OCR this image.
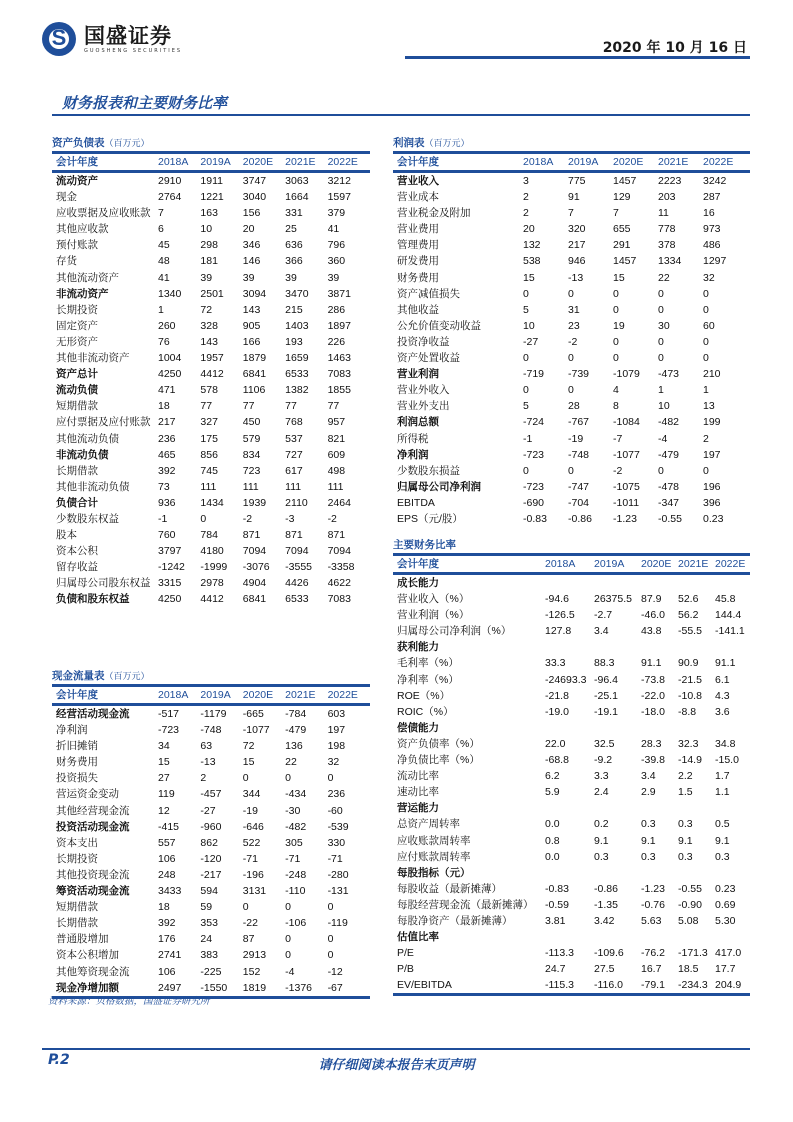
S
国盛证券
GUOSHENG SECURITIES	2020 年 10 月 16 日
财务报表和主要财务比率
资产负债表（百万元）
会计年度	2018A	2019A	2020E	2021E	2022E
流动资产	2910	1911	3747	3063	3212
现金	2764	1221	3040	1664	1597
应收票据及应收账款 7	163	156	331	379
其他应收款	6	10	20	25	41
预付账款	45	298	346	636	796
存货	48	181	146	366	360
其他流动资产	41	39	39	39	39
非流动资产	1340	2501	3094	3470	3871
长期投资	1	72	143	215	286
固定资产	260	328	905	1403	1897
无形资产	76	143	166	193	226
其他非流动资产	1004	1957	1879	1659	1463
资产总计	4250	4412	6841	6533	7083
流动负债	471	578	1106	1382	1855
短期借款	18	77	77	77	77
应付票据及应付账款 217	327	450	768	957
其他流动负债	236	175	579	537	821
非流动负债	465	856	834	727	609
长期借款	392	745	723	617	498
其他非流动负债	73	111	111	111	111
负债合计	936	1434	1939	2110	2464
少数股东权益	-1	0	-2	-3	-2
股本	760	784	871	871	871
资本公积	3797	4180	7094	7094	7094
留存收益	-1242	-1999	-3076	-3555	-3358
归属母公司股东权益 3315	2978	4904	4426	4622
负债和股东权益	4250	4412	6841	6533	7083
现金流量表（百万元）
会计年度	2018A	2019A	2020E	2021E	2022E
经营活动现金流	-517	-1179	-665	-784	603
净利润	-723	-748	-1077	-479	197
折旧摊销	34	63	72	136	198
财务费用	15	-13	15	22	32
投资损失	27	2	0	0	0
营运资金变动	119	-457	344	-434	236
其他经营现金流	12	-27	-19	-30	-60
投资活动现金流	-415	-960	-646	-482	-539
资本支出	557	862	522	305	330
长期投资	106	-120	-71	-71	-71
其他投资现金流	248	-217	-196	-248	-280
筹资活动现金流	3433	594	3131	-110	-131
短期借款	18	59	0	0	0
长期借款	392	353	-22	-106	-119
普通股增加	176	24	87	0	0
资本公积增加	2741	383	2913	0	0
其他筹资现金流	106	-225	152	-4	-12
现金净增加额	2497	-1550	1819	-1376	-67
利润表（百万元）
会计年度	2018A	2019A	2020E	2021E	2022E
营业收入	3	775	1457	2223	3242
营业成本	2	91	129	203	287
营业税金及附加	2	7	7	11	16
营业费用	20	320	655	778	973
管理费用	132	217	291	378	486
研发费用	538	946	1457	1334	1297
财务费用	15	-13	15	22	32
资产减值损失	0	0	0	0	0
其他收益	5	31	0	0	0
公允价值变动收益	10	23	19	30	60
投资净收益	-27	-2	0	0	0
资产处置收益	0	0	0	0	0
营业利润	-719	-739	-1079	-473	210
营业外收入	0	0	4	1	1
营业外支出	5	28	8	10	13
利润总额	-724	-767	-1084	-482	199
所得税	-1	-19	-7	-4	2
净利润	-723	-748	-1077	-479	197
少数股东损益	0	0	-2	0	0
归属母公司净利润	-723	-747	-1075	-478	196
EBITDA	-690	-704	-1011	-347	396
EPS（元/股）	-0.83	-0.86	-1.23	-0.55	0.23
主要财务比率
会计年度	2018A	2019A	2020E 2021E 2022E
成长能力
营业收入（%）	-94.6	26375.5 87.9	52.6	45.8
营业利润（%）	-126.5	-2.7	-46.0	56.2	144.4
归属母公司净利润（%）	127.8	3.4	43.8	-55.5	-141.1
获利能力
毛利率（%）	33.3	88.3	91.1	90.9	91.1
净利率（%）	-24693.3 -96.4	-73.8	-21.5	6.1
ROE（%）	-21.8	-25.1	-22.0	-10.8	4.3
ROIC（%）	-19.0	-19.1	-18.0	-8.8	3.6
偿债能力
资产负债率（%）	22.0	32.5	28.3	32.3	34.8
净负债比率（%）	-68.8	-9.2	-39.8	-14.9	-15.0
流动比率	6.2	3.3	3.4	2.2	1.7
速动比率	5.9	2.4	2.9	1.5	1.1
营运能力
总资产周转率	0.0	0.2	0.3	0.3	0.5
应收账款周转率	0.8	9.1	9.1	9.1	9.1
应付账款周转率	0.0	0.3	0.3	0.3	0.3
每股指标（元）
每股收益（最新摊薄）	-0.83	-0.86	-1.23	-0.55	0.23
每股经营现金流（最新摊薄）	-0.59	-1.35	-0.76	-0.90	0.69
每股净资产（最新摊薄）	3.81	3.42	5.63	5.08	5.30
估值比率
P/E	-113.3	-109.6	-76.2	-171.3 417.0
P/B	24.7	27.5	16.7	18.5	17.7
EV/EBITDA	-115.3	-116.0	-79.1	-234.3 204.9
资料来源：贝格数据，国盛证券研究所
P.2	请仔细阅读本报告末页声明
